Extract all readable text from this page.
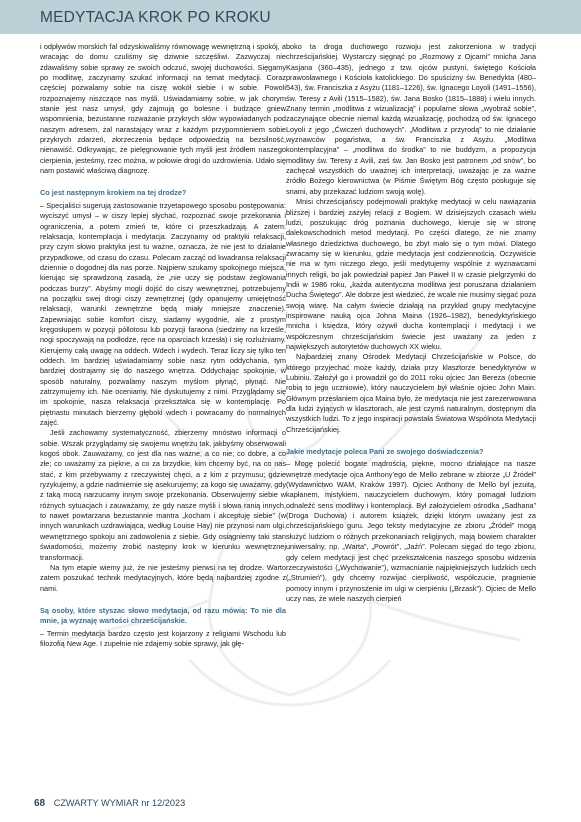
MEDYTACJA KROK PO KROKU

i odpływów morskich fal odzyskiwaliśmy równowagę wewnętrzną i spokój, a wracając do domu czuliśmy się dziwnie szczęśliwi. Zazwyczaj nie zdawaliśmy sobie sprawy ze swoich odczuć, swojej duchowości. Sięgamy po modlitwę, zaczynamy szukać informacji na temat medytacji. Coraz częściej pozwalamy sobie na ciszę wokół siebie i w sobie. Powoli rozpoznajemy niszczące nas myśli. Uświadamiamy sobie, w jak chorym stanie jest nasz umysł, gdy zajmują go bolesne i budzące gniew wspomnienia, bezustanne rozważanie przykrych słów wypowiadanych pod naszym adresem, żal narastający wraz z każdym przypomnieniem sobie przykrych zdarzeń, złorzeczenia będące odpowiedzią na bezsilność, nienawiść. Odkrywając, że pielęgnowanie tych myśli jest źródłem naszego cierpienia, jesteśmy, rzec można, w połowie drogi do uzdrowienia. Udało się nam postawić właściwą diagnozę.

Co jest następnym krokiem na tej drodze?

– Specjaliści sugerują zastosowanie trzyetapowego sposobu postępowania: wyciszyć umysł – w ciszy lepiej słychać, rozpoznać swoje przekonania i ograniczenia, a potem zmień te, które ci przeszkadzają. A zatem: relaksacja, kontemplacja i medytacja. Zaczynamy od praktyki relaksacji, przy czym słowo praktyka jest tu ważne, oznacza, że nie jest to działanie przypadkowe, od czasu do czasu. Polecam zacząć od kwadransa relaksacji dziennie o dogodnej dla nas porze. Najpierw szukamy spokojnego miejsca, kierując się sprawdzoną zasadą, że „nie uczy się podstaw żeglowania podczas burzy”. Abyśmy mogli dojść do ciszy wewnętrznej, potrzebujemy na początku swej drogi ciszy zewnętrznej (gdy opanujemy umiejętność relaksacji, warunki zewnętrzne będą miały mniejsze znaczenie). Zapewniając sobie komfort ciszy, siadamy wygodnie, ale z prostym kręgosłupem w pozycji półlotosu lub pozycji faraona (siedzimy na krześle, nogi spoczywają na podłodze, ręce na oparciach krzesła) i się rozluźniamy. Kierujemy całą uwagę na oddech. Wdech i wydech. Teraz liczy się tylko ten oddech. Im bardziej uświadamiamy sobie nasz rytm oddychania, tym bardziej dostrajamy się do naszego wnętrza. Oddychając spokojnie, w sposób naturalny, pozwalamy naszym myślom płynąć, płynąć. Nie zatrzymujemy ich. Nie oceniamy. Nie dyskutujemy z nimi. Przyglądamy się im spokojnie, nasza relaksacja przekształca się w kontemplację. Po piętnastu minutach bierzemy głęboki wdech i powracamy do normalnych zajęć.

Jeśli zachowamy systematyczność, zbierzemy mnóstwo informacji o sobie. Wszak przyglądamy się swojemu wnętrzu tak, jakbyśmy obserwowali kogoś obok. Zauważamy, co jest dla nas ważne, a co nie; co dobre, a co złe; co uważamy za piękne, a co za brzydkie, kim chcemy być, na co nas stać, z kim przebywamy z rzeczywistej chęci, a z kim z przymusu; gdzie ryzykujemy, a gdzie nadmiernie się asekurujemy; za kogo się uważamy, gdy z taką mocą narzucamy innym swoje przekonania. Obserwujemy siebie w różnych sytuacjach i zauważamy, że gdy nasze myśli i słowa ranią innych, to nawet powtarzana bezustannie mantra „kocham i akceptuję siebie” (w innych warunkach uzdrawiająca, według Louise Hay) nie przynosi nam ulgi, wewnętrznego spokoju ani zadowolenia z siebie. Gdy osiągniemy taki stan świadomości, możemy zrobić następny krok w kierunku wewnętrznej transformacji.

Na tym etapie wiemy już, że nie jesteśmy pierwsi na tej drodze. Warto zatem poszukać technik medytacyjnych, które będą najbardziej zgodne z nami.

Są osoby, które styszac słowo medytacja, od razu mówią: To nie dla mnie, ja wyznaję wartości chrześcijańskie.

– Termin medytacja bardzo często jest kojarzony z religiami Wschodu lub filozofią New Age. I zupełnie nie zdajemy sobie sprawy, jak głę-

boko ta droga duchowego rozwoju jest zakorzeniona w tradycji chrześcijańskiej. Wystarczy sięgnąć po „Rozmowy z Ojcami” mnicha Jana Kasjana (360–435), jednego z tzw. ojców pustyni, świętego Kościoła prawosławnego i Kościoła katolickiego. Do spuścizny św. Benedykta (480–543), św. Franciszka z Asyżu (1181–1226), św. Ignacego Loyoli (1491–1556), św. Teresy z Avili (1515–1582), św. Jana Bosko (1815–1888) i wielu innych. Znany termin „modlitwa z wizualizacją” i popularne słowa „wyobraź sobie”, zaczynające obecnie niemal każdą wizualizację, pochodzą od św. Ignacego Loyoli z jego „Ćwiczeń duchowych”. „Modlitwa z przyrodą” to nie działanie wyznawców pogaństwa, a św. Franciszka z Asyżu. „Modlitwa kontemplacyjna” – „modlitwa do środka” to nie buddyzm, a propozycja modlitwy św. Teresy z Avili, zaś św. Jan Bosko jest patronem „od snów”, bo zachęcał wszystkich do uważnej ich interpretacji, uważając je za ważne źródło Bożego kierownictwa (w Piśmie Świętym Bóg często posługuje się snami, aby przekazać ludziom swoją wolę).

Mnisi chrześcijańscy podejmowali praktykę medytacji w celu nawiązania bliższej i bardziej zażyłej relacji z Bogiem. W dzisiejszych czasach wielu ludzi, poszukując dróg poznania duchowego, kieruje się w stronę dalekowschodnich metod medytacji. Po części dlatego, że nie znamy własnego dziedzictwa duchowego, bo zbyt mało się o tym mówi. Dlatego zwracamy się w kierunku, gdzie medytacja jest codziennością. Oczywiście nie ma w tym niczego złego, jeśli medytujemy wspólnie z wyznawcami innych religii, bo jak powiedział papież Jan Paweł II w czasie pielgrzymki do Indii w 1986 roku, „każda autentyczna modlitwa jest poruszana działaniem Ducha Świętego”. Ale dobrze jest wiedzieć, że wcale nie musimy sięgać poza swoją wiarę. Na całym świecie działają na przykład grupy medytacyjne inspirowane nauką ojca Johna Maina (1926–1982), benedyktyńskiego mnicha i księdza, który ożywił ducha kontemplacji i medytacji i we współczesnym chrześcijańskim świecie jest uważany za jeden z największych autorytetów duchowych XX wieku.

Najbardziej znany Ośrodek Medytacji Chrześcijańskie w Polsce, do którego przyjechać może każdy, działa przy klasztorze benedyktynów w Lubiniu. Założył go i prowadził go do 2011 roku ojciec Jan Bereza (obecnie robią to jego uczniowie), który nauczycielem był właśnie ojciec John Main. Głównym przesłaniem ojca Maina było, że medytacja nie jest zarezerwowana dla ludzi żyjących w klasztorach, ale jest czymś naturalnym, dostępnym dla wszystkich ludzi. To z jego inspiracji powstała Światowa Wspólnota Medytacji Chrześcijańskiej.

Jakie medytacje poleca Pani ze swojego doświadczenia?

– Mogę polecić bogate mądrością, piękne, mocno działające na nasze wnętrze medytacje ojca Anthony’ego de Mello zebrane w zbiorze „U Źródeł” (Wydawnictwo WAM, Kraków 1997). Ojciec Anthony de Mello był jezuitą, kapłanem, mistykiem, nauczycielem duchowym, który pomagał ludziom odnaleźć sens modlitwy i kontemplacji. Był założycielem ośrodka „Sadhana” (Droga Duchowa) i autorem książek, dzięki którym uważany jest za chrześcijańskiego guru. Jego teksty medytacyjne ze zbioru „Źródeł” mogą służyć ludziom o różnych przekonaniach religijnych, mają bowiem charakter uniwersalny, np. „Warta”, „Powrót”, „Jaźń”. Polecam sięgać do tego zbioru, gdy celem medytacji jest chęć przekształcenia naszego sposobu widzenia rzeczywistości („Wychowanie”), wzmacnianie najpiękniejszych ludzkich cech („Strumień”), gdy chcemy rozwijać cierpliwość, współczucie, pragnienie pomocy innym i przynoszenie im ulgi w cierpieniu („Brzask”). Ojciec de Mello uczy nas, że wiele naszych cierpień

68 CZWARTY WYMIAR nr 12/2023
